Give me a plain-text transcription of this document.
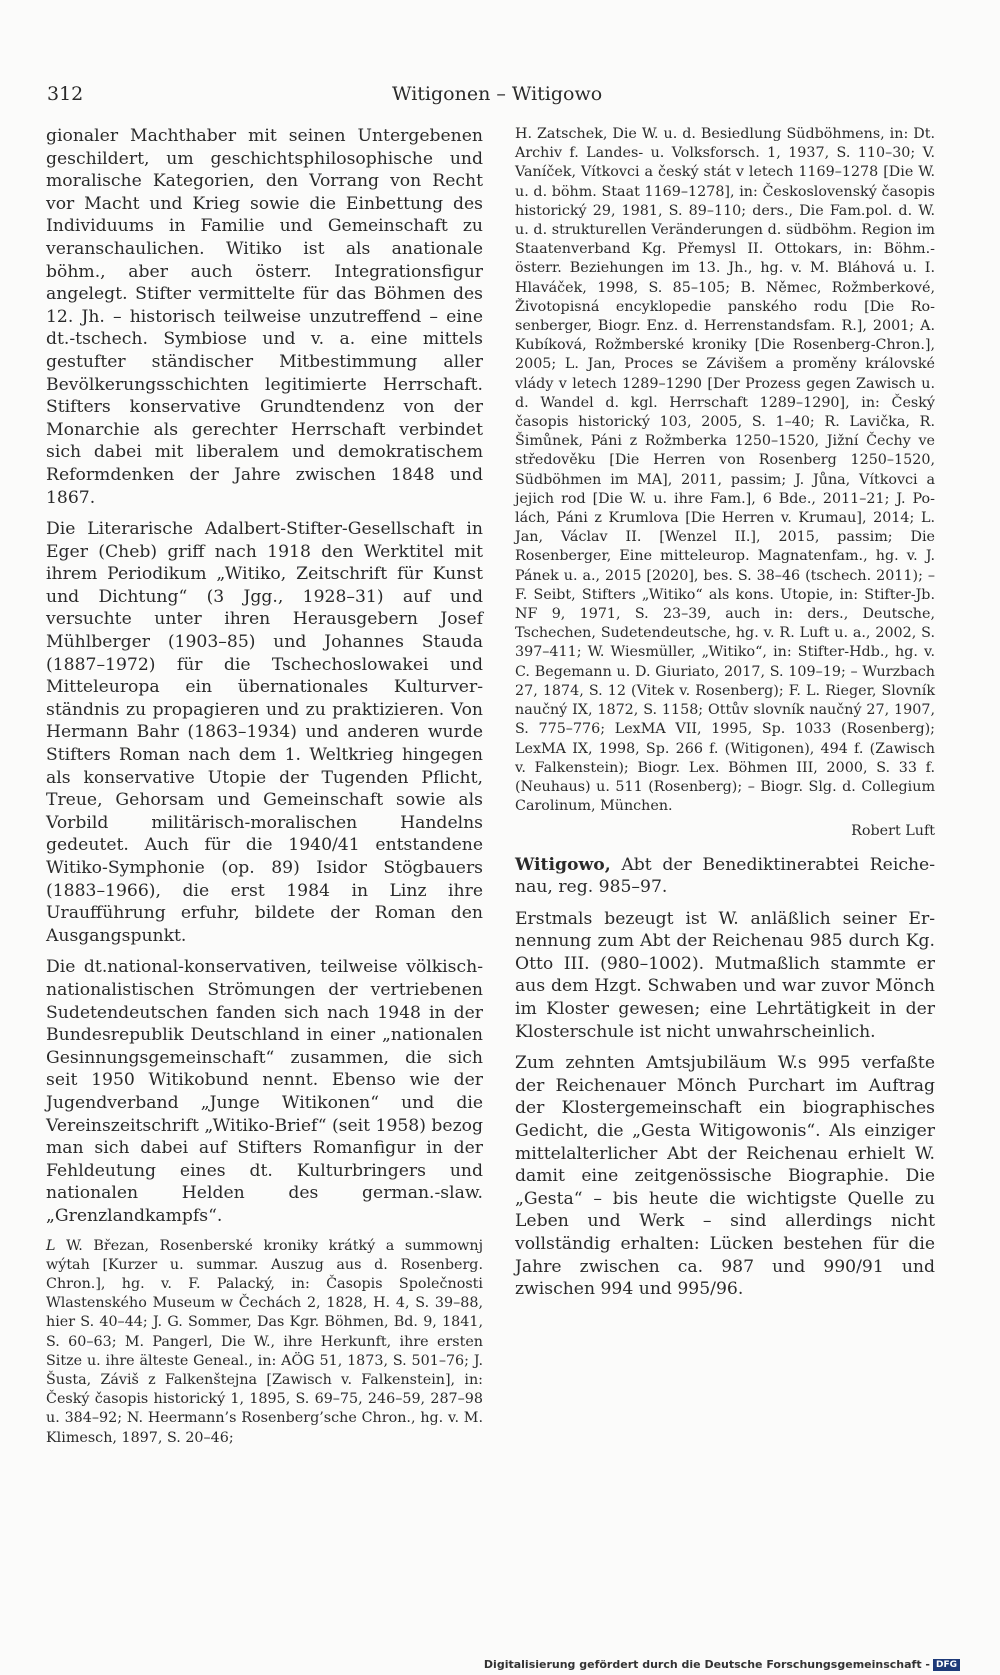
312	Witigonen – Witigowo

gionaler Machthaber mit seinen Untergebenen geschildert, um geschichtsphilosophische und moralische Kategorien, den Vorrang von Recht vor Macht und Krieg sowie die Einbettung des Individuums in Familie und Gemeinschaft zu veranschaulichen. Witiko ist als anationale böhm., aber auch österr. Integrationsfigur angelegt. Stifter vermittelte für das Böhmen des 12. Jh. – historisch teilweise unzutreffend – eine dt.-tschech. Symbiose und v. a. eine mittels gestufter ständischer Mitbestimmung aller Bevölkerungsschichten legitimierte Herrschaft. Stifters konservative Grundtendenz von der Monarchie als gerechter Herrschaft verbindet sich dabei mit liberalem und demokratischem Reformdenken der Jahre zwischen 1848 und 1867.

Die Literarische Adalbert-Stifter-Gesellschaft in Eger (Cheb) griff nach 1918 den Werktitel mit ihrem Periodikum „Witiko, Zeitschrift für Kunst und Dichtung“ (3 Jgg., 1928–31) auf und versuchte unter ihren Herausgebern Josef Mühlberger (1903–85) und Johannes Stauda (1887–1972) für die Tschechoslowakei und Mitteleuropa ein übernationales Kulturverständnis zu propagieren und zu praktizieren. Von Hermann Bahr (1863–1934) und anderen wurde Stifters Roman nach dem 1. Weltkrieg hingegen als konservative Utopie der Tugenden Pflicht, Treue, Gehorsam und Gemeinschaft sowie als Vorbild militärisch-moralischen Handelns gedeutet. Auch für die 1940/41 entstandene Witiko-Symphonie (op. 89) Isidor Stögbauers (1883–1966), die erst 1984 in Linz ihre Uraufführung erfuhr, bildete der Roman den Ausgangspunkt.

Die dt.national-konservativen, teilweise völkisch-nationalistischen Strömungen der vertriebenen Sudetendeutschen fanden sich nach 1948 in der Bundesrepublik Deutschland in einer „nationalen Gesinnungsgemeinschaft“ zusammen, die sich seit 1950 Witikobund nennt. Ebenso wie der Jugendverband „Junge Witikonen“ und die Vereinszeitschrift „Witiko-Brief“ (seit 1958) bezog man sich dabei auf Stifters Romanfigur in der Fehldeutung eines dt. Kulturbringers und nationalen Helden des german.-slaw. „Grenzlandkampfs“.

L W. Březan, Rosenberské kroniky krátký a summownj wýtah [Kurzer u. summar. Auszug aus d. Rosenberg. Chron.], hg. v. F. Palacký, in: Časopis Společnosti Wlastenského Museum w Čechách 2, 1828, H. 4, S. 39–88, hier S. 40–44; J. G. Sommer, Das Kgr. Böhmen, Bd. 9, 1841, S. 60–63; M. Pangerl, Die W., ihre Herkunft, ihre ersten Sitze u. ihre älteste Geneal., in: AÖG 51, 1873, S. 501–76; J. Šusta, Záviš z Falkenštejna [Zawisch v. Falkenstein], in: Český časopis historický 1, 1895, S. 69–75, 246–59, 287–98 u. 384–92; N. Heermann’s Rosenberg’sche Chron., hg. v. M. Klimesch, 1897, S. 20–46;

H. Zatschek, Die W. u. d. Besiedlung Südböhmens, in: Dt. Archiv f. Landes- u. Volksforsch. 1, 1937, S. 110–30; V. Vaníček, Vítkovci a český stát v letech 1169–1278 [Die W. u. d. böhm. Staat 1169–1278], in: Československý časopis historický 29, 1981, S. 89–110; ders., Die Fam.pol. d. W. u. d. strukturellen Veränderungen d. südböhm. Region im Staatenverband Kg. Přemysl II. Ottokars, in: Böhm.-österr. Beziehungen im 13. Jh., hg. v. M. Bláhová u. I. Hlaváček, 1998, S. 85–105; B. Němec, Rožmberkové, Životopisná encyklopedie panského rodu [Die Rosenberger, Biogr. Enz. d. Herrenstandsfam. R.], 2001; A. Kubíková, Rožmberské kroniky [Die Rosenberg-Chron.], 2005; L. Jan, Proces se Závišem a proměny královské vlády v letech 1289–1290 [Der Prozess gegen Zawisch u. d. Wandel d. kgl. Herrschaft 1289–1290], in: Český časopis historický 103, 2005, S. 1–40; R. Lavička, R. Šimůnek, Páni z Rožmberka 1250–1520, Jižní Čechy ve středověku [Die Herren von Rosenberg 1250–1520, Südböhmen im MA], 2011, passim; J. Jůna, Vítkovci a jejich rod [Die W. u. ihre Fam.], 6 Bde., 2011–21; J. Polách, Páni z Krumlova [Die Herren v. Krumau], 2014; L. Jan, Václav II. [Wenzel II.], 2015, passim; Die Rosenberger, Eine mitteleurop. Magnatenfam., hg. v. J. Pánek u. a., 2015 [2020], bes. S. 38–46 (tschech. 2011); – F. Seibt, Stifters „Witiko“ als kons. Utopie, in: Stifter-Jb. NF 9, 1971, S. 23–39, auch in: ders., Deutsche, Tschechen, Sudetendeutsche, hg. v. R. Luft u. a., 2002, S. 397–411; W. Wiesmüller, „Witiko“, in: Stifter-Hdb., hg. v. C. Begemann u. D. Giuriato, 2017, S. 109–19; – Wurzbach 27, 1874, S. 12 (Vitek v. Rosenberg); F. L. Rieger, Slovník naučný IX, 1872, S. 1158; Ottův slovník naučný 27, 1907, S. 775–776; LexMA VII, 1995, Sp. 1033 (Rosenberg); LexMA IX, 1998, Sp. 266 f. (Witigonen), 494 f. (Zawisch v. Falkenstein); Biogr. Lex. Böhmen III, 2000, S. 33 f. (Neuhaus) u. 511 (Rosenberg); – Biogr. Slg. d. Collegium Carolinum, München.

Robert Luft

Witigowo, Abt der Benediktinerabtei Reichenau, reg. 985–97.

Erstmals bezeugt ist W. anläßlich seiner Ernennung zum Abt der Reichenau 985 durch Kg. Otto III. (980–1002). Mutmaßlich stammte er aus dem Hzgt. Schwaben und war zuvor Mönch im Kloster gewesen; eine Lehrtätigkeit in der Klosterschule ist nicht unwahrscheinlich.

Zum zehnten Amtsjubiläum W.s 995 verfaßte der Reichenauer Mönch Purchart im Auftrag der Klostergemeinschaft ein biographisches Gedicht, die „Gesta Witigowonis“. Als einziger mittelalterlicher Abt der Reichenau erhielt W. damit eine zeitgenössische Biographie. Die „Gesta“ – bis heute die wichtigste Quelle zu Leben und Werk – sind allerdings nicht vollständig erhalten: Lücken bestehen für die Jahre zwischen ca. 987 und 990/91 und zwischen 994 und 995/96.

Digitalisierung gefördert durch die Deutsche Forschungsgemeinschaft - DFG
